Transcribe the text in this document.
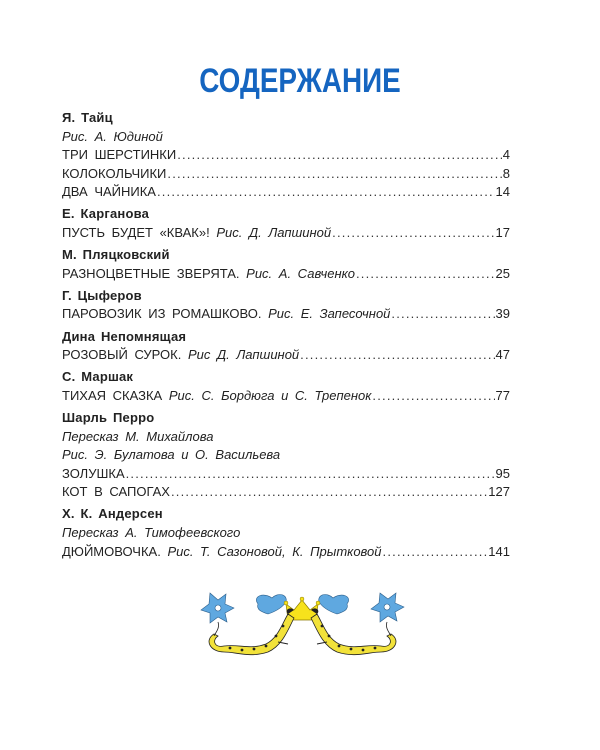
СОДЕРЖАНИЕ
Я. Тайц
Рис. А. Юдиной
ТРИ ШЕРСТИНКИ .....	4
КОЛОКОЛЬЧИКИ .....	8
ДВА ЧАЙНИКА .....	14
Е. Карганова
ПУСТЬ БУДЕТ «КВАК»! Рис. Д. Лапшиной .....	17
М. Пляцковский
РАЗНОЦВЕТНЫЕ ЗВЕРЯТА. Рис. А. Савченко .....	25
Г. Цыферов
ПАРОВОЗИК ИЗ РОМАШКОВО. Рис. Е. Запесочной .....	39
Дина Непомнящая
РОЗОВЫЙ СУРОК. Рис Д. Лапшиной .....	47
С. Маршак
ТИХАЯ СКАЗКА Рис. С. Бордюга и С. Трепенок .....	77
Шарль Перро
Пересказ М. Михайлова
Рис. Э. Булатова и О. Васильева
ЗОЛУШКА .....	95
КОТ В САПОГАХ .....	127
Х. К. Андерсен
Пересказ А. Тимофеевского
ДЮЙМОВОЧКА. Рис. Т. Сазоновой, К. Прытковой .....	141
